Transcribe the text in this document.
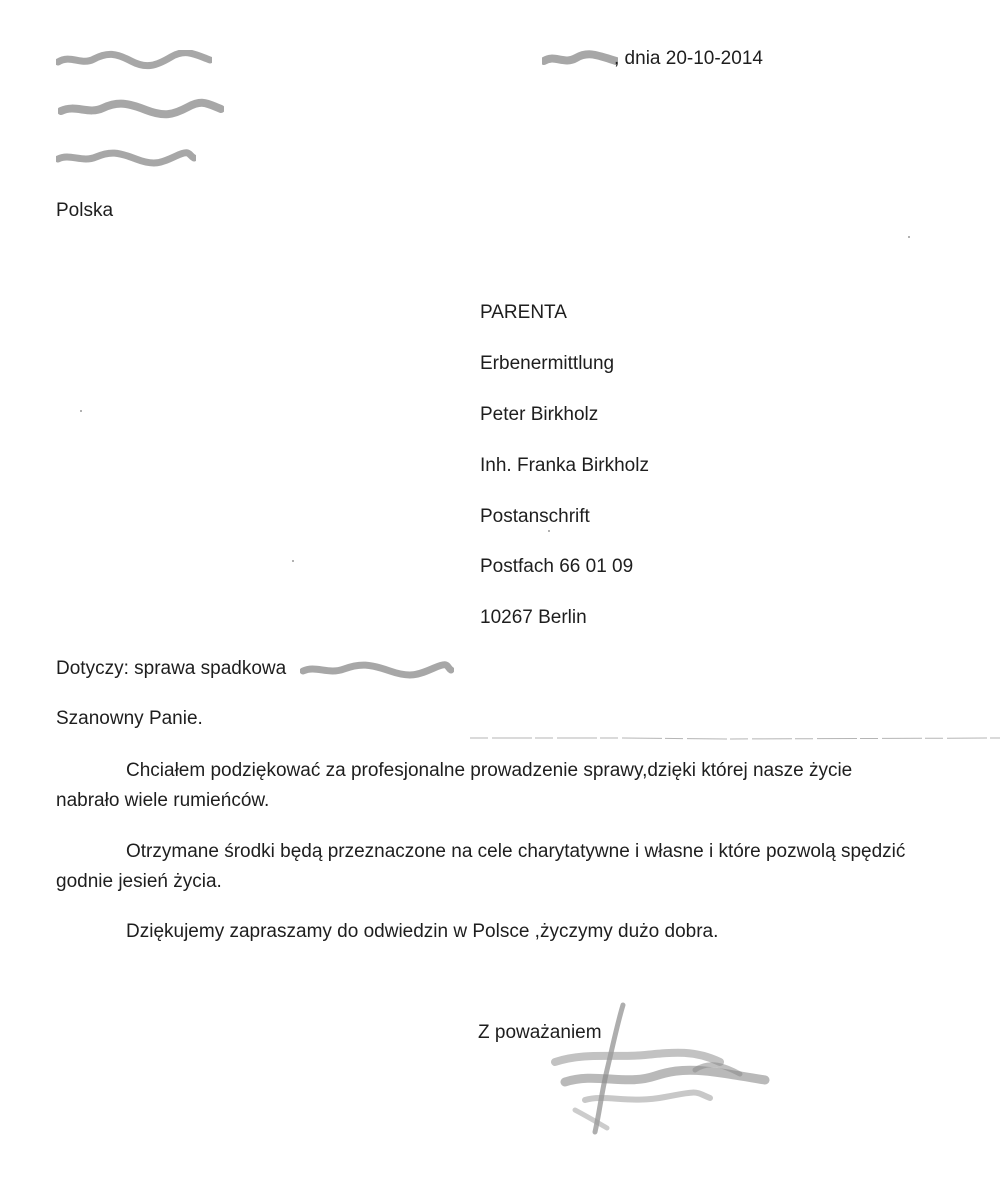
Polska
, dnia 20-10-2014
PARENTA
Erbenermittlung
Peter Birkholz
Inh. Franka Birkholz
Postanschrift
Postfach 66 01 09
10267 Berlin
Dotyczy: sprawa spadkowa
Szanowny Panie.
Chciałem podziękować za profesjonalne prowadzenie sprawy,dzięki której nasze życie
nabrało wiele rumieńców.
Otrzymane środki będą przeznaczone na cele charytatywne i własne i które pozwolą spędzić
godnie jesień życia.
Dziękujemy zapraszamy do odwiedzin w Polsce ,życzymy dużo dobra.
Z poważaniem
